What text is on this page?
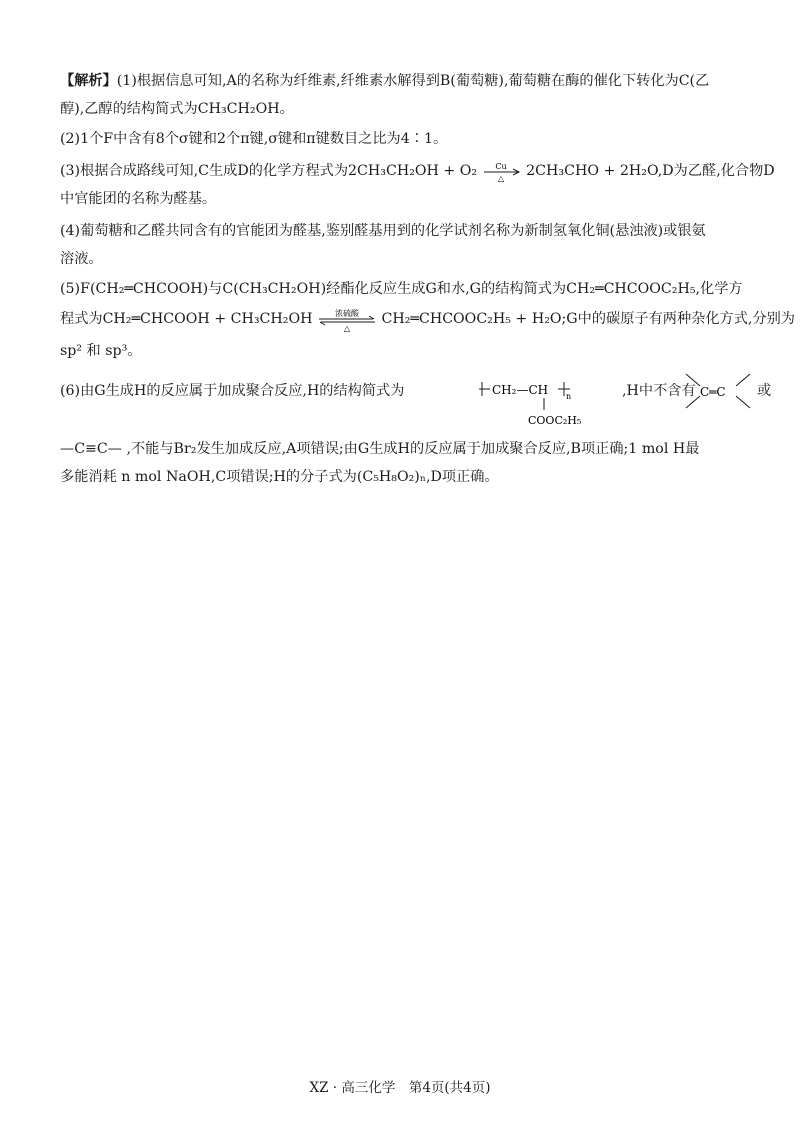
【解析】(1)根据信息可知,A的名称为纤维素,纤维素水解得到B(葡萄糖),葡萄糖在酶的催化下转化为C(乙
醇),乙醇的结构简式为CH₃CH₂OH。
(2)1个F中含有8个σ键和2个π键,σ键和π键数目之比为4∶1。
(3)根据合成路线可知,C生成D的化学方程式为2CH₃CH₂OH + O₂ Cu
△ 2CH₃CHO + 2H₂O,D为乙醛,化合物D
中官能团的名称为醛基。
(4)葡萄糖和乙醛共同含有的官能团为醛基,鉴别醛基用到的化学试剂名称为新制氢氧化铜(悬浊液)或银氨
溶液。
(5)F(CH₂═CHCOOH)与C(CH₃CH₂OH)经酯化反应生成G和水,G的结构简式为CH₂═CHCOOC₂H₅,化学方
程式为CH₂═CHCOOH + CH₃CH₂OH	浓硫酸
△
CH₂═CHCOOC₂H₅ + H₂O;G中的碳原子有两种杂化方式,分别为
sp² 和 sp³。
(6)由G生成H的反应属于加成聚合反应,H的结构简式为	CH₂—CH n
COOC₂H₅
,H中不含有 C═C 或
—C≡C— ,不能与Br₂发生加成反应,A项错误;由G生成H的反应属于加成聚合反应,B项正确;1 mol H最
多能消耗 n mol NaOH,C项错误;H的分子式为(C₅H₈O₂)ₙ,D项正确。
XZ · 高三化学　第4页(共4页)
